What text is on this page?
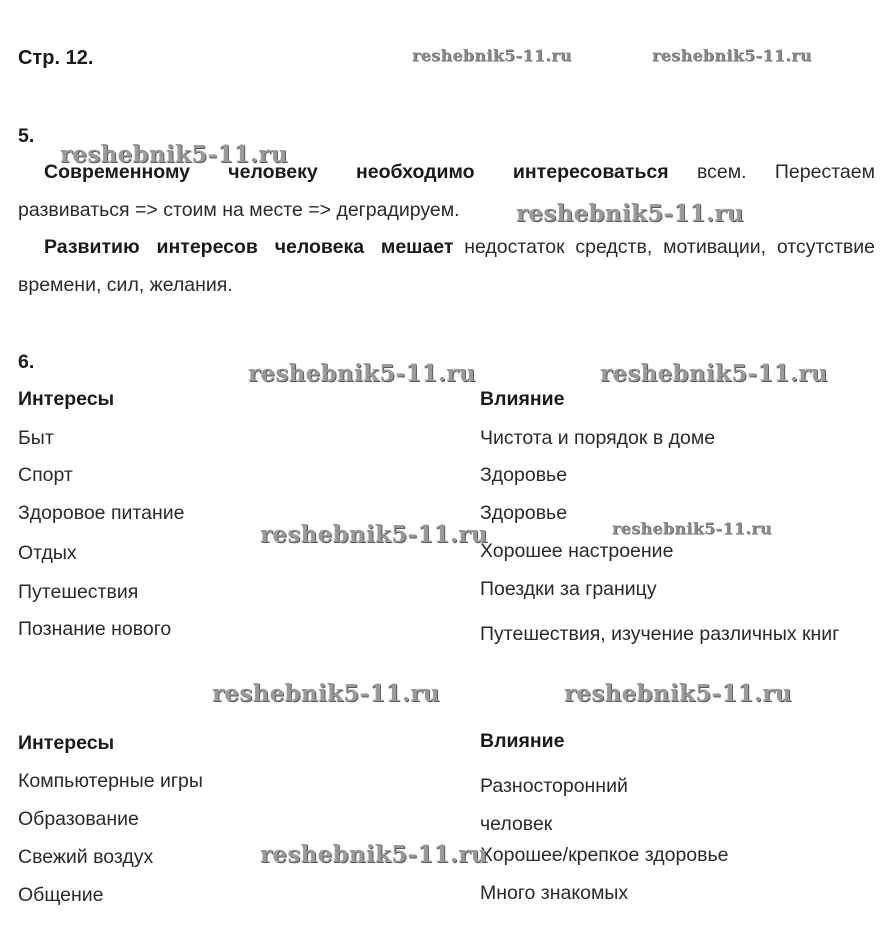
Стр. 12.
5.
Современному человеку необходимо интересоваться всем. Перестаем развиваться => стоим на месте => деградируем.
Развитию интересов человека мешает недостаток средств, мотивации, отсутствие времени, сил, желания.
6.
Интересы	Влияние
Быт	Чистота и порядок в доме
Спорт	Здоровье
Здоровое питание	Здоровье
Отдых	Хорошее настроение
Путешествия	Поездки за границу
Познание нового	Путешествия, изучение различных книг
Интересы	Влияние
Компьютерные игры	Разносторонний человек
Образование
Свежий воздух	Хорошее/крепкое здоровье
Общение	Много знакомых
reshebnik5-11.ru	reshebnik5-11.ru
reshebnik5-11.ru
reshebnik5-11.ru
reshebnik5-11.ru	reshebnik5-11.ru
reshebnik5-11.ru	reshebnik5-11.ru
reshebnik5-11.ru	reshebnik5-11.ru
reshebnik5-11.ru
